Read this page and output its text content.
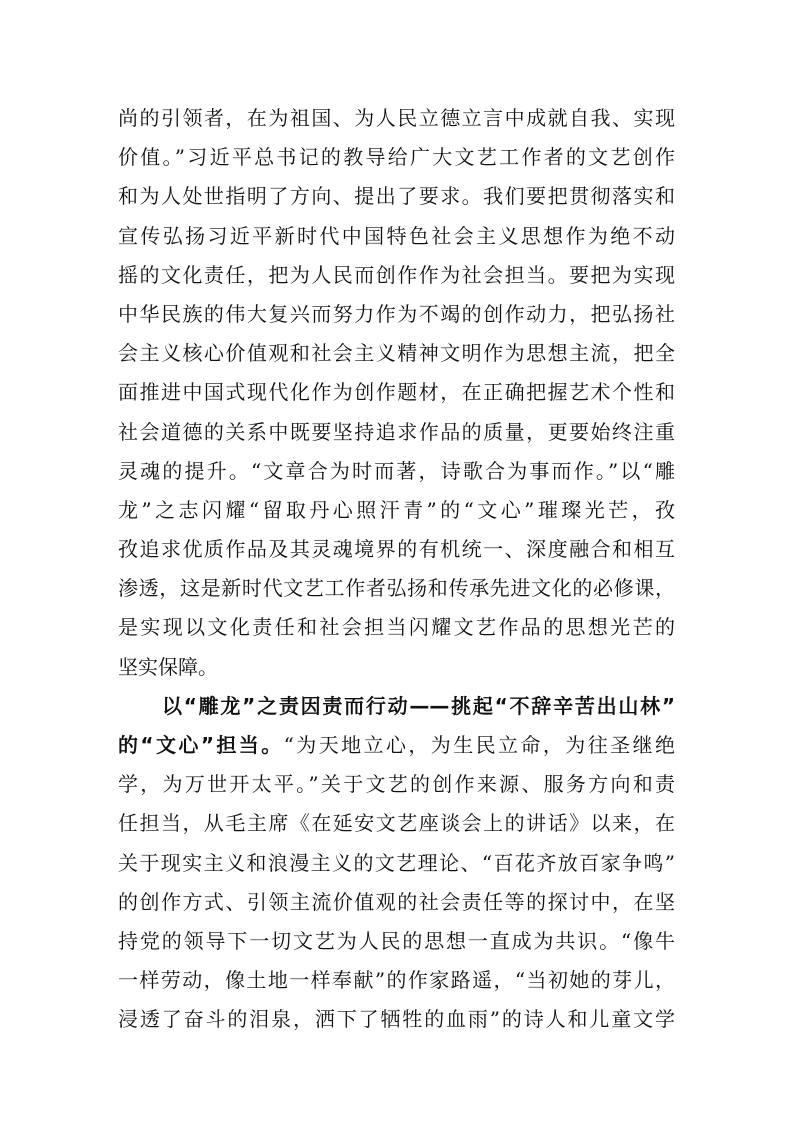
尚的引领者，在为祖国、为人民立德立言中成就自我、实现
价值。”习近平总书记的教导给广大文艺工作者的文艺创作
和为人处世指明了方向、提出了要求。我们要把贯彻落实和
宣传弘扬习近平新时代中国特色社会主义思想作为绝不动
摇的文化责任，把为人民而创作作为社会担当。要把为实现
中华民族的伟大复兴而努力作为不竭的创作动力，把弘扬社
会主义核心价值观和社会主义精神文明作为思想主流，把全
面推进中国式现代化作为创作题材，在正确把握艺术个性和
社会道德的关系中既要坚持追求作品的质量，更要始终注重
灵魂的提升。“文章合为时而著，诗歌合为事而作。”以“雕
龙”之志闪耀“留取丹心照汗青”的“文心”璀璨光芒，孜
孜追求优质作品及其灵魂境界的有机统一、深度融合和相互
渗透，这是新时代文艺工作者弘扬和传承先进文化的必修课，
是实现以文化责任和社会担当闪耀文艺作品的思想光芒的
坚实保障。
以“雕龙”之责因责而行动——挑起“不辞辛苦出山林”
的“文心”担当。“为天地立心，为生民立命，为往圣继绝
学，为万世开太平。”关于文艺的创作来源、服务方向和责
任担当，从毛主席《在延安文艺座谈会上的讲话》以来，在
关于现实主义和浪漫主义的文艺理论、“百花齐放百家争鸣”
的创作方式、引领主流价值观的社会责任等的探讨中，在坚
持党的领导下一切文艺为人民的思想一直成为共识。“像牛
一样劳动，像土地一样奉献”的作家路遥，“当初她的芽儿，
浸透了奋斗的泪泉，洒下了牺牲的血雨”的诗人和儿童文学
